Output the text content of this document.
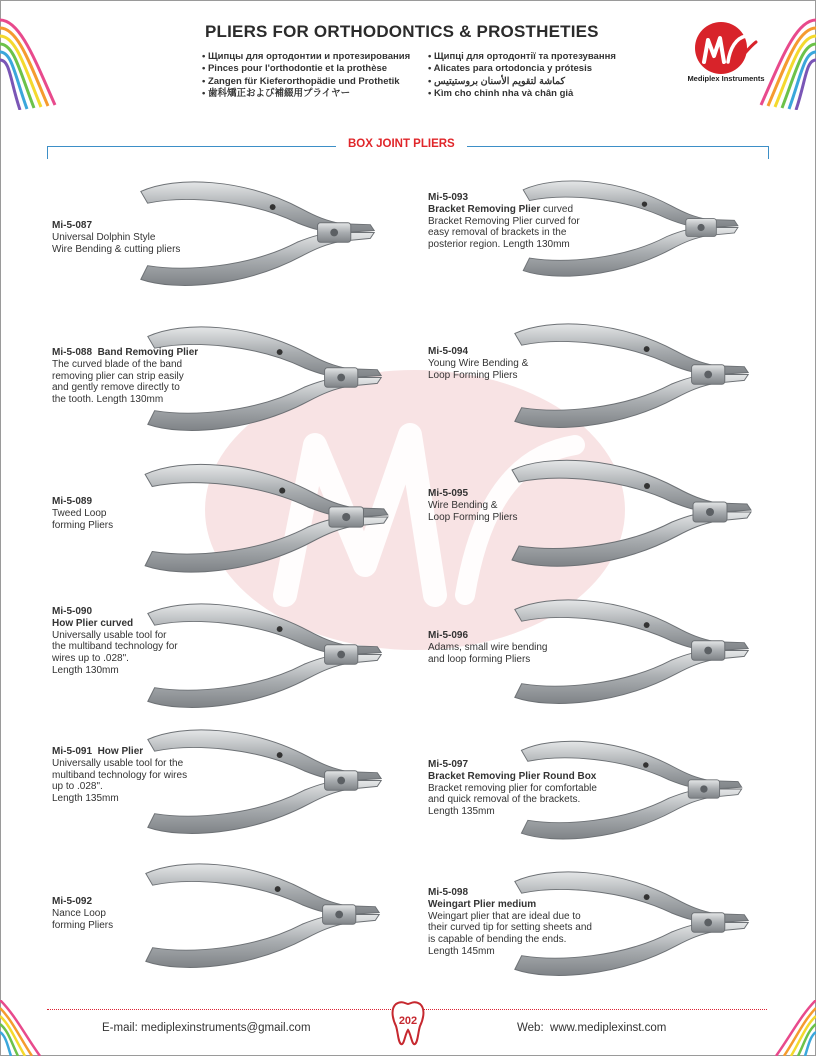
PLIERS FOR ORTHODONTICS & PROSTHETIES
• Щипцы для ортодонтии и протезирования
• Pinces pour l'orthodontie et la prothèse
• Zangen für Kieferorthopädie und Prothetik
• 歯科矯正および補綴用プライヤー
• Щипці для ортодонтії та протезування
• Alicates para ortodoncia y prótesis
• كماشة لتقويم الأسنان بروستيتيس
• Kìm cho chỉnh nha và chân giả
Mediplex Instruments
BOX JOINT PLIERS
Mi-5-087
Universal Dolphin Style
Wire Bending & cutting pliers
Mi-5-088 Band Removing Plier
The curved blade of the band
removing plier can strip easily
and gently remove directly to
the tooth. Length 130mm
Mi-5-089
Tweed Loop
forming Pliers
Mi-5-090
How Plier curved
Universally usable tool for
the multiband technology for
wires up to .028".
Length 130mm
Mi-5-091 How Plier
Universally usable tool for the
multiband technology for wires
up to .028".
Length 135mm
Mi-5-092
Nance Loop
forming Pliers
Mi-5-093
Bracket Removing Plier curved
Bracket Removing Plier curved for
easy removal of brackets in the
posterior region. Length 130mm
Mi-5-094
Young Wire Bending &
Loop Forming Pliers
Mi-5-095
Wire Bending &
Loop Forming Pliers
Mi-5-096
Adams, small wire bending
and loop forming Pliers
Mi-5-097
Bracket Removing Plier Round Box
Bracket removing plier for comfortable
and quick removal of the brackets.
Length 135mm
Mi-5-098
Weingart Plier medium
Weingart plier that are ideal due to
their curved tip for setting sheets and
is capable of bending the ends.
Length 145mm
E-mail: mediplexinstruments@gmail.com
202
Web: www.mediplexinst.com
